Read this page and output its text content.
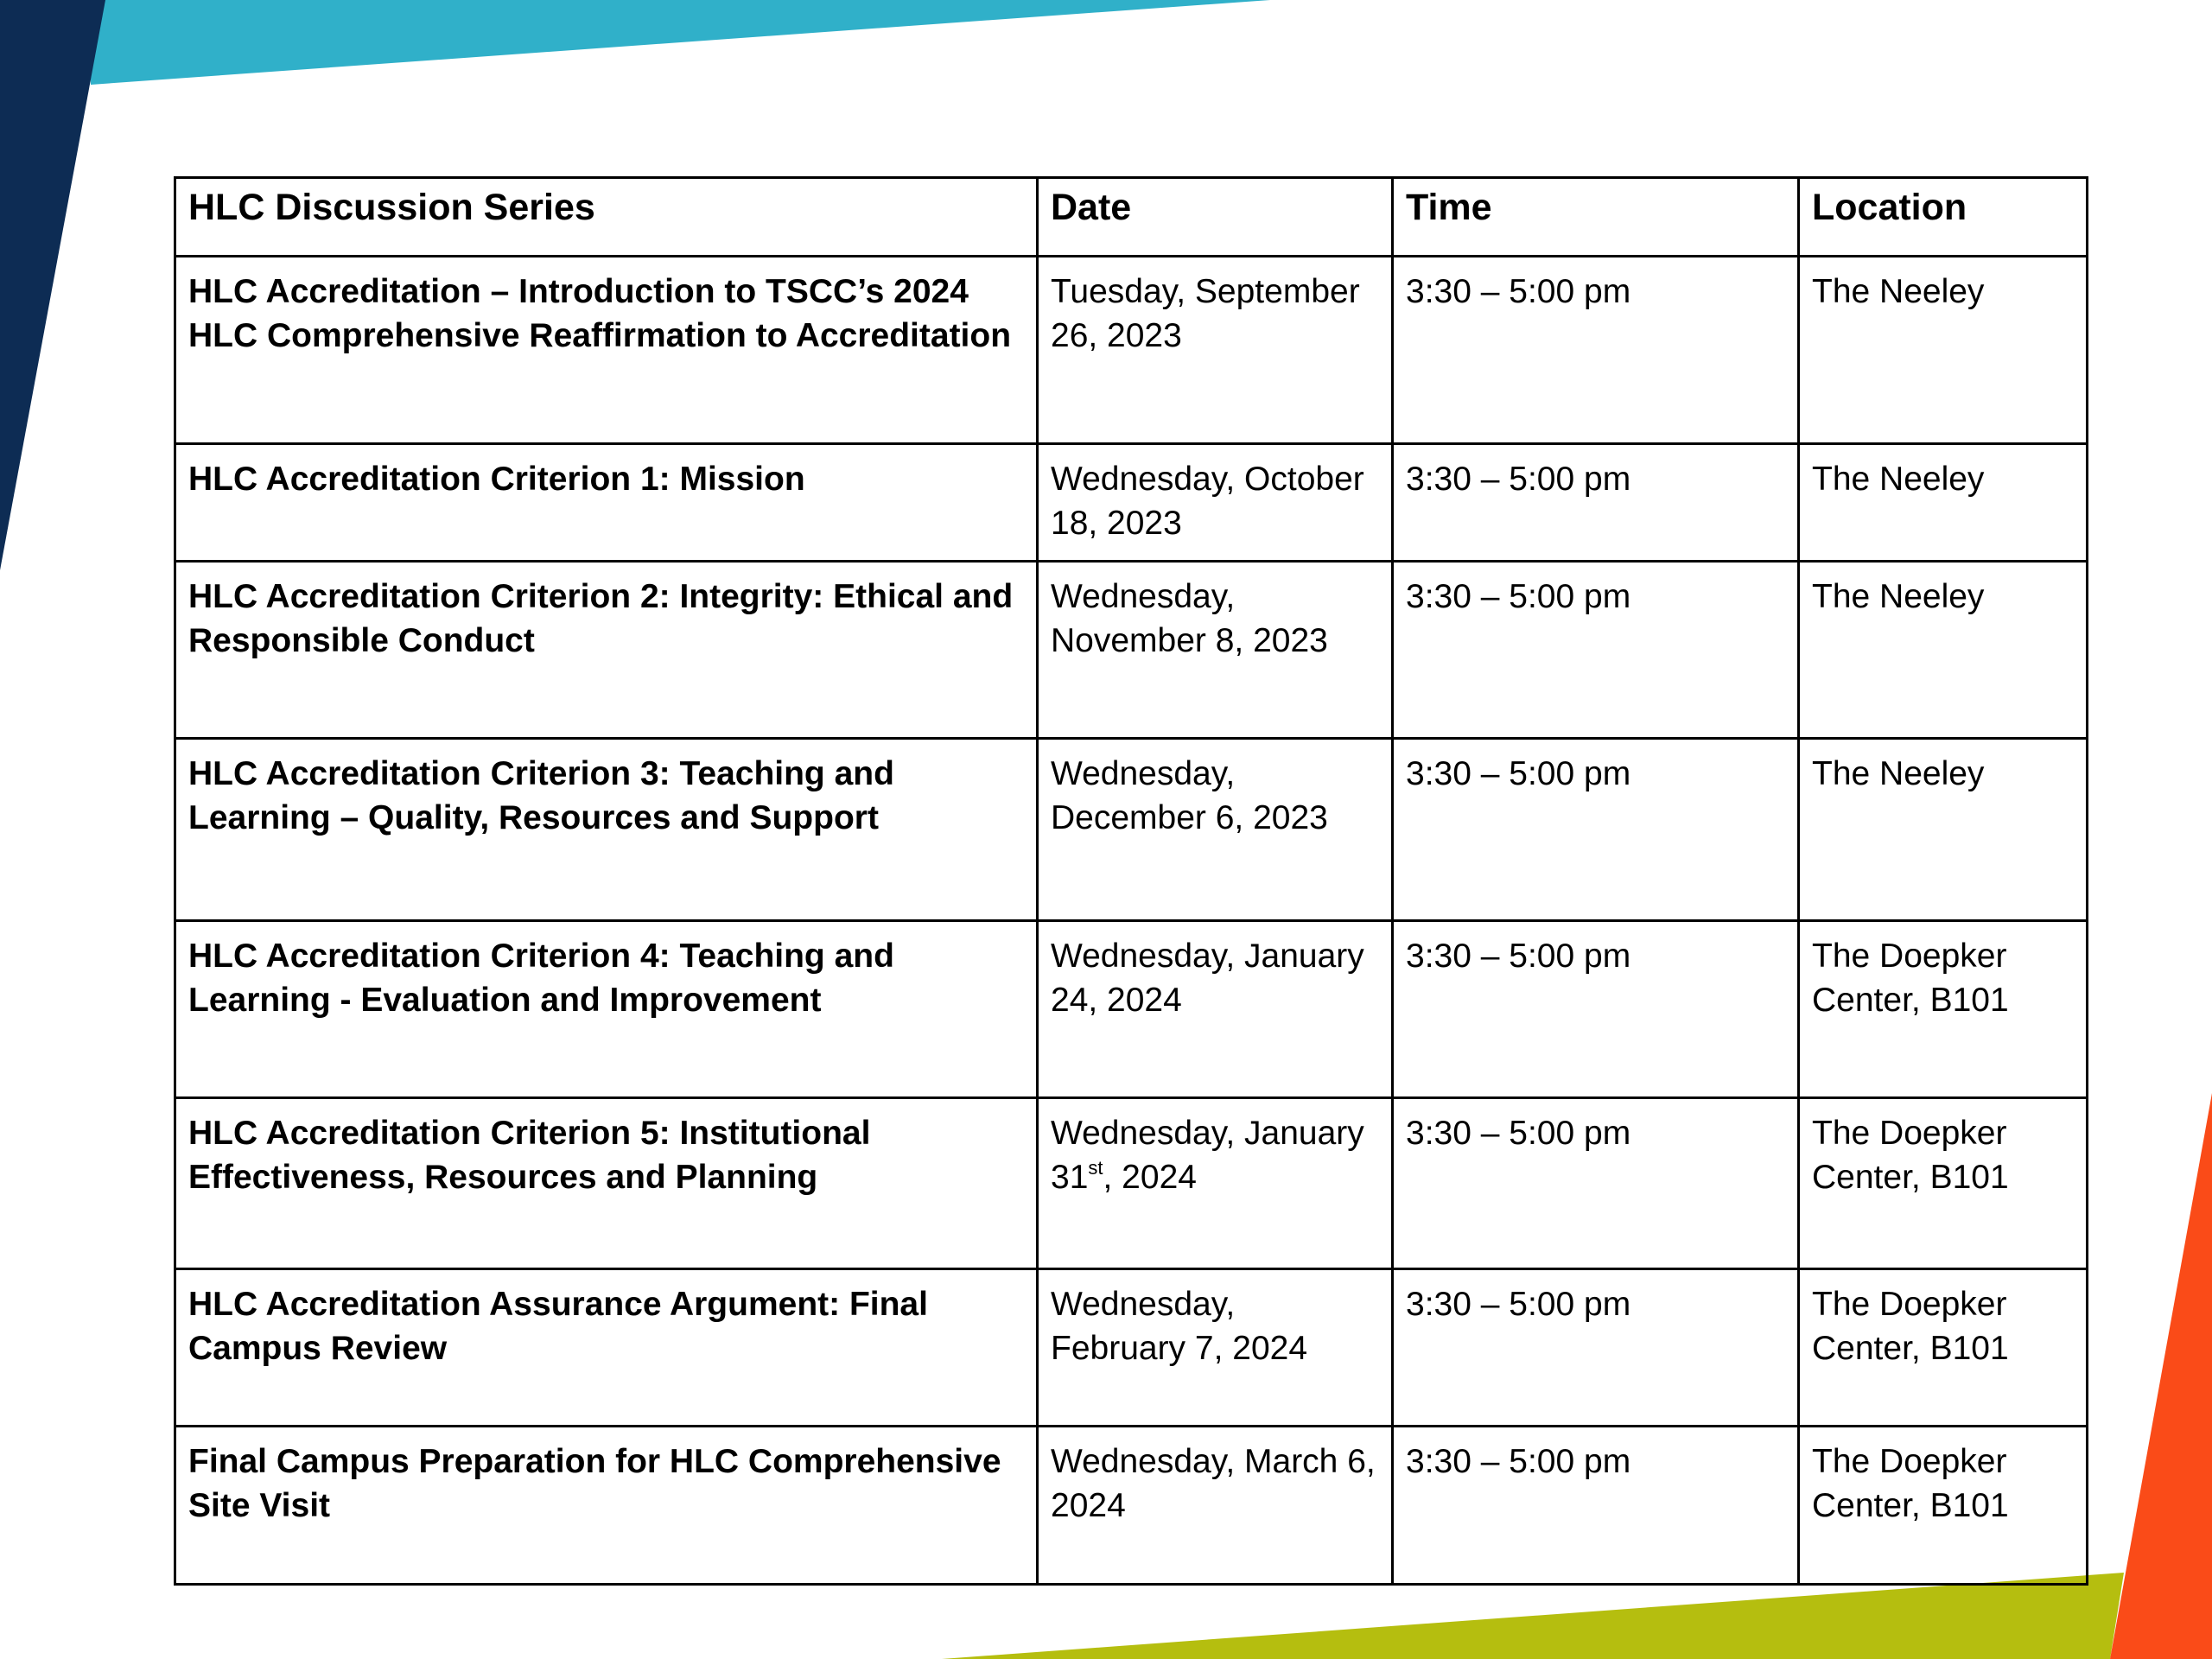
HLC Discussion Series	Date	Time	Location
HLC Accreditation – Introduction to TSCC’s 2024 HLC Comprehensive Reaffirmation to Accreditation	Tuesday, September 26, 2023	3:30 – 5:00 pm	The Neeley
HLC Accreditation Criterion 1: Mission	Wednesday, October 18, 2023	3:30 – 5:00 pm	The Neeley
HLC Accreditation Criterion 2: Integrity: Ethical and Responsible Conduct	Wednesday, November 8, 2023	3:30 – 5:00 pm	The Neeley
HLC Accreditation Criterion 3: Teaching and Learning – Quality, Resources and Support	Wednesday, December 6, 2023	3:30 – 5:00 pm	The Neeley
HLC Accreditation Criterion 4: Teaching and Learning - Evaluation and Improvement	Wednesday, January 24, 2024	3:30 – 5:00 pm	The Doepker Center, B101
HLC Accreditation Criterion 5: Institutional Effectiveness, Resources and Planning	Wednesday, January 31st, 2024	3:30 – 5:00 pm	The Doepker Center, B101
HLC Accreditation Assurance Argument: Final Campus Review	Wednesday, February 7, 2024	3:30 – 5:00 pm	The Doepker Center, B101
Final Campus Preparation for HLC Comprehensive Site Visit	Wednesday, March 6, 2024	3:30 – 5:00 pm	The Doepker Center, B101
